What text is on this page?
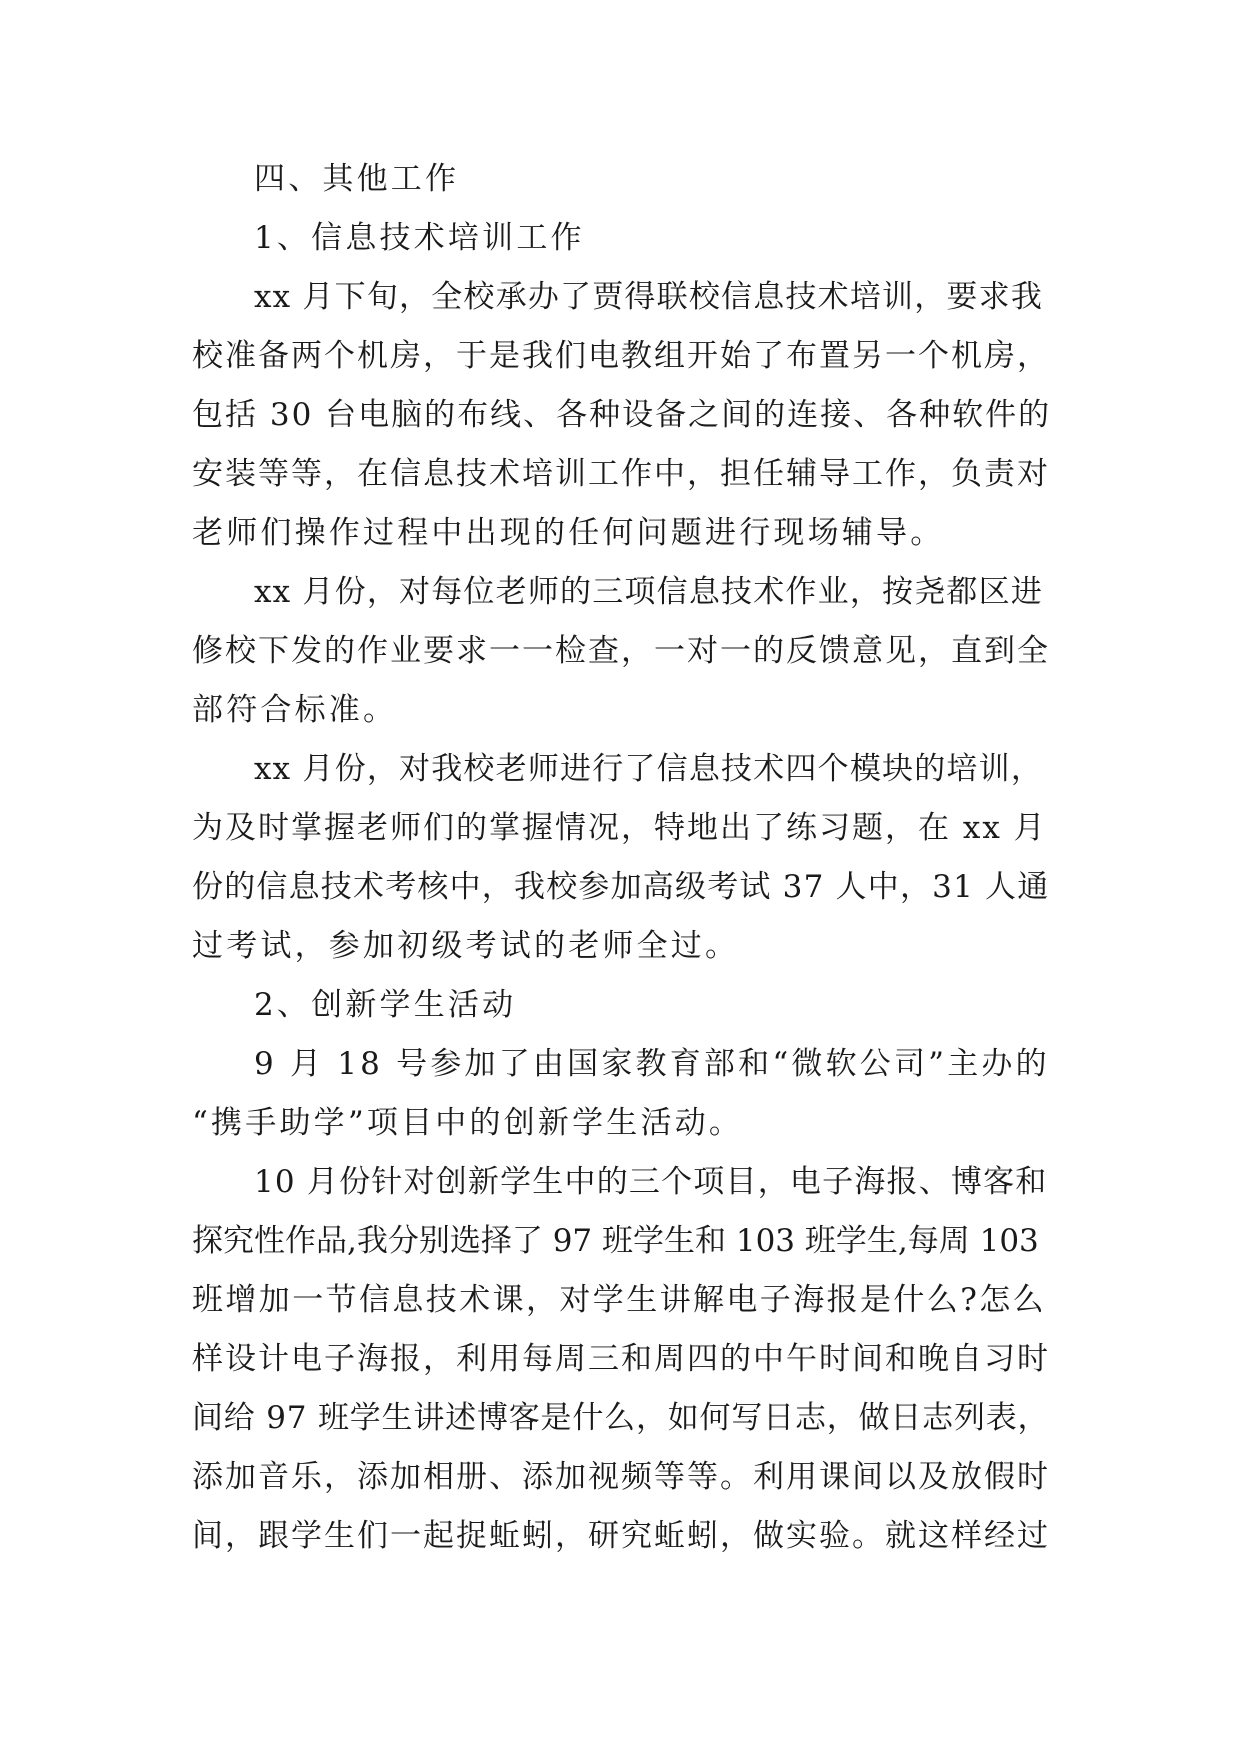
四、其他工作
1、信息技术培训工作
xx 月下旬，全校承办了贾得联校信息技术培训，要求我
校准备两个机房，于是我们电教组开始了布置另一个机房，
包括 30 台电脑的布线、各种设备之间的连接、各种软件的
安装等等，在信息技术培训工作中，担任辅导工作，负责对
老师们操作过程中出现的任何问题进行现场辅导。
xx 月份，对每位老师的三项信息技术作业，按尧都区进
修校下发的作业要求一一检查，一对一的反馈意见，直到全
部符合标准。
xx 月份，对我校老师进行了信息技术四个模块的培训，
为及时掌握老师们的掌握情况，特地出了练习题，在 xx 月
份的信息技术考核中，我校参加高级考试 37 人中，31 人通
过考试，参加初级考试的老师全过。
2、创新学生活动
9 月 18 号参加了由国家教育部和“微软公司”主办的
“携手助学”项目中的创新学生活动。
10 月份针对创新学生中的三个项目，电子海报、博客和
探究性作品,我分别选择了 97 班学生和 103 班学生,每周 103
班增加一节信息技术课，对学生讲解电子海报是什么?怎么
样设计电子海报，利用每周三和周四的中午时间和晚自习时
间给 97 班学生讲述博客是什么，如何写日志，做日志列表，
添加音乐，添加相册、添加视频等等。利用课间以及放假时
间，跟学生们一起捉蚯蚓，研究蚯蚓，做实验。就这样经过
